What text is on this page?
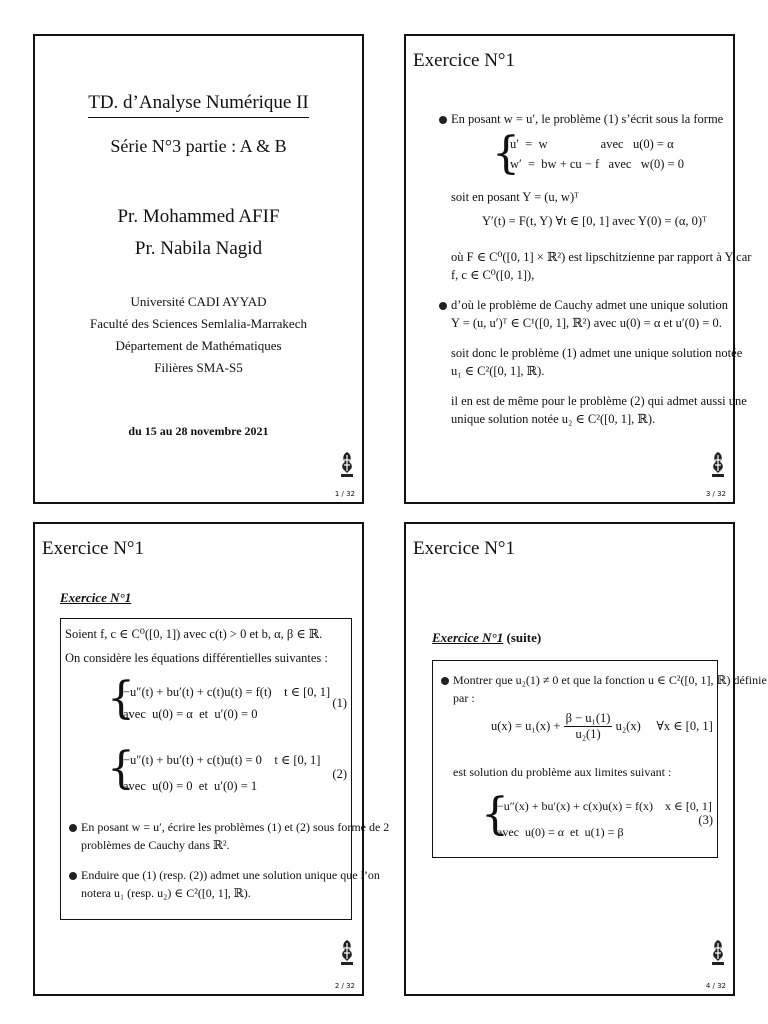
TD. d’Analyse Numérique II
Série N°3 partie : A & B
Pr. Mohammed AFIF
Pr. Nabila Nagid
Université CADI AYYAD
Faculté des Sciences Semlalia-Marrakech
Département de Mathématiques
Filières SMA-S5
du 15 au 28 novembre 2021
1 / 32
Exercice N°1
En posant w = u′, le problème (1) s’écrit sous la forme
{
u′  =  w                 avec   u(0) = α
w′  =  bw + cu − f   avec   w(0) = 0
soit en posant Y = (u, w)ᵀ
Y′(t) = F(t, Y) ∀t ∈ [0, 1] avec Y(0) = (α, 0)ᵀ
où F ∈ C⁰([0, 1] × ℝ²) est lipschitzienne par rapport à Y car
f, c ∈ C⁰([0, 1]),
d’où le problème de Cauchy admet une unique solution
Y = (u, u′)ᵀ ∈ C¹([0, 1], ℝ²) avec u(0) = α et u′(0) = 0.
soit donc le problème (1) admet une unique solution notée
u₁ ∈ C²([0, 1], ℝ).
il en est de même pour le problème (2) qui admet aussi une
unique solution notée u₂ ∈ C²([0, 1], ℝ).
3 / 32
Exercice N°1
Exercice N°1
Soient f, c ∈ C⁰([0, 1]) avec c(t) > 0 et b, α, β ∈ ℝ.
On considère les équations différentielles suivantes :
{
−u″(t) + bu′(t) + c(t)u(t) = f(t)    t ∈ [0, 1]
avec  u(0) = α  et  u′(0) = 0
(1)
{
−u″(t) + bu′(t) + c(t)u(t) = 0    t ∈ [0, 1]
avec  u(0) = 0  et  u′(0) = 1
(2)
En posant w = u′, écrire les problèmes (1) et (2) sous forme de 2
problèmes de Cauchy dans ℝ².
Enduire que (1) (resp. (2)) admet une solution unique que l’on
notera u₁ (resp. u₂) ∈ C²([0, 1], ℝ).
2 / 32
Exercice N°1
Exercice N°1 (suite)
Montrer que u₂(1) ≠ 0 et que la fonction u ∈ C²([0, 1], ℝ) définie
par :
$u(x) = u_1(x) + \frac{\text{β − u₁(1)}}{\text{u₂(1)}} u_2(x)$     ∀x ∈ [0, 1]
est solution du problème aux limites suivant :
{
−u″(x) + bu′(x) + c(x)u(x) = f(x)    x ∈ [0, 1]
avec  u(0) = α  et  u(1) = β
(3)
4 / 32
